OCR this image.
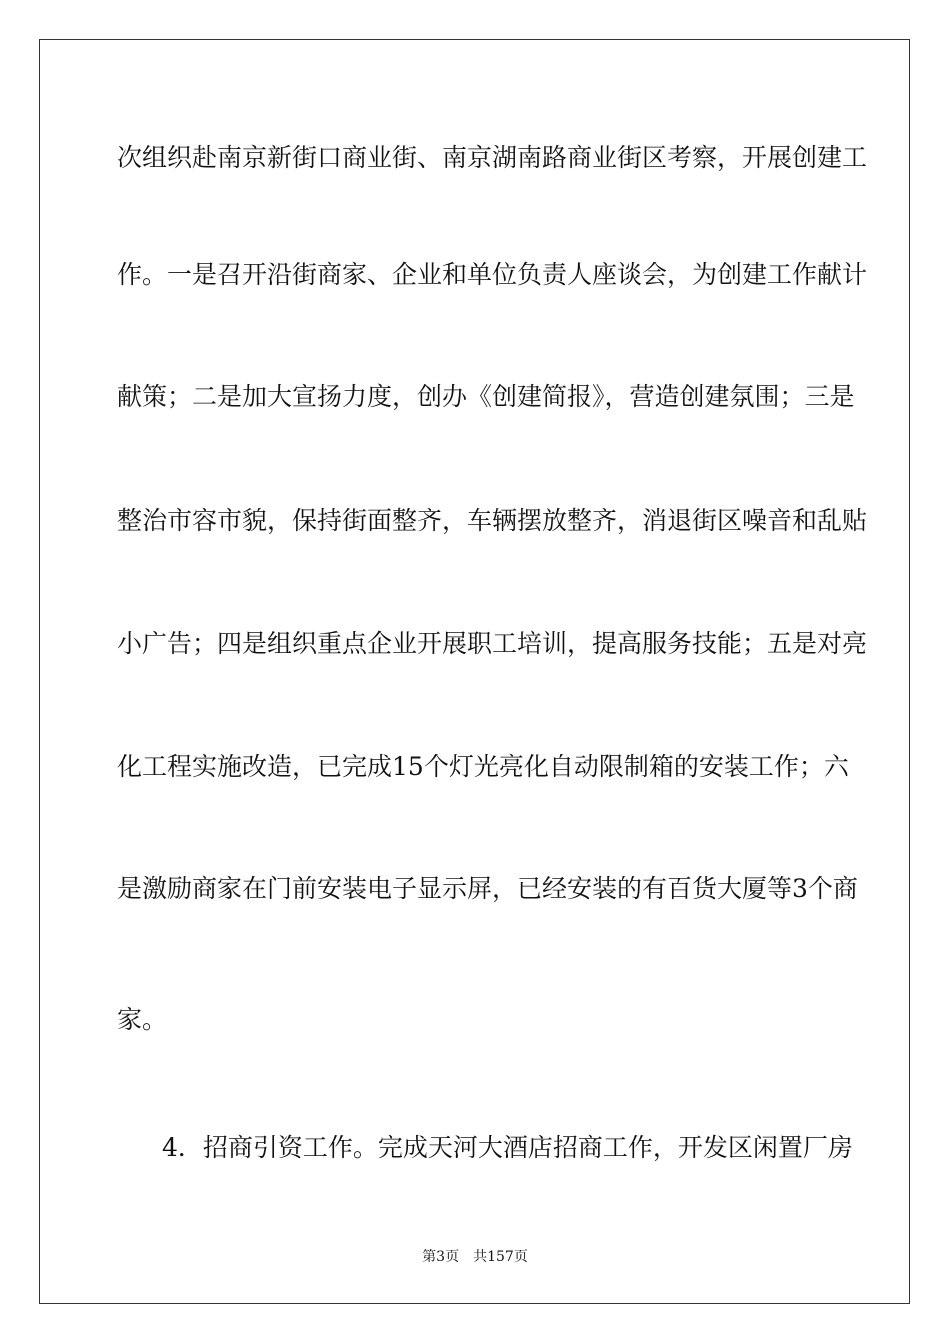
次组织赴南京新街口商业街、南京湖南路商业街区考察，开展创建工
作。一是召开沿街商家、企业和单位负责人座谈会，为创建工作献计
献策；二是加大宣扬力度，创办《创建简报》，营造创建氛围；三是
整治市容市貌，保持街面整齐，车辆摆放整齐，消退街区噪音和乱贴
小广告；四是组织重点企业开展职工培训，提高服务技能；五是对亮
化工程实施改造，已完成15个灯光亮化自动限制箱的安装工作；六
是激励商家在门前安装电子显示屏，已经安装的有百货大厦等3个商
家。
4．招商引资工作。完成天河大酒店招商工作，开发区闲置厂房
第3页 共157页
